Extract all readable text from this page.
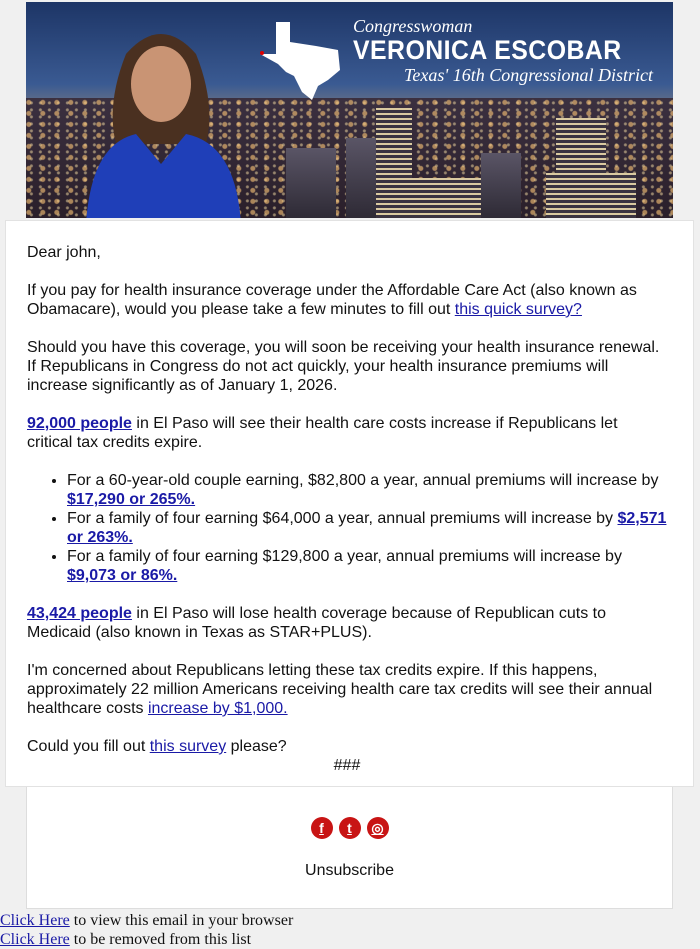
Congresswoman
VERONICA ESCOBAR
Texas' 16th Congressional District

Dear john,

If you pay for health insurance coverage under the Affordable Care Act (also known as Obamacare), would you please take a few minutes to fill out this quick survey?

Should you have this coverage, you will soon be receiving your health insurance renewal. If Republicans in Congress do not act quickly, your health insurance premiums will increase significantly as of January 1, 2026.

92,000 people in El Paso will see their health care costs increase if Republicans let critical tax credits expire.

• For a 60-year-old couple earning, $82,800 a year, annual premiums will increase by $17,290 or 265%.
• For a family of four earning $64,000 a year, annual premiums will increase by $2,571 or 263%.
• For a family of four earning $129,800 a year, annual premiums will increase by $9,073 or 86%.

43,424 people in El Paso will lose health coverage because of Republican cuts to Medicaid (also known in Texas as STAR+PLUS).

I'm concerned about Republicans letting these tax credits expire. If this happens, approximately 22 million Americans receiving health care tax credits will see their annual healthcare costs increase by $1,000.

Could you fill out this survey please?
###
f t ◎
Unsubscribe
Click Here to view this email in your browser
Click Here to be removed from this list
